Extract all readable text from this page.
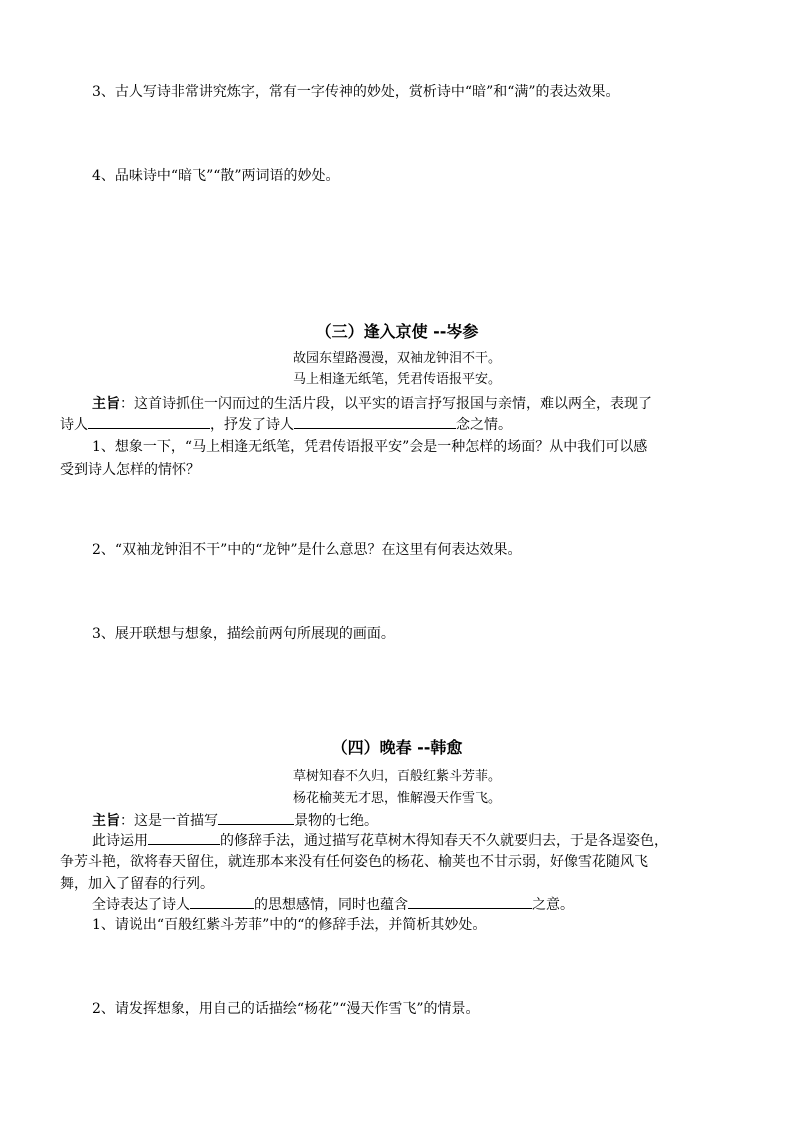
3、古人写诗非常讲究炼字，常有一字传神的妙处，赏析诗中“暗”和“满”的表达效果。
4、品味诗中“暗飞”“散”两词语的妙处。
（三）逢入京使 --岑参
故园东望路漫漫，双袖龙钟泪不干。
马上相逢无纸笔，凭君传语报平安。
主旨：这首诗抓住一闪而过的生活片段，以平实的语言抒写报国与亲情，难以两全，表现了
诗人	，抒发了诗人	念之情。
1、想象一下，“马上相逢无纸笔，凭君传语报平安”会是一种怎样的场面？从中我们可以感
受到诗人怎样的情怀？
2、“双袖龙钟泪不干”中的“龙钟”是什么意思？在这里有何表达效果。
3、展开联想与想象，描绘前两句所展现的画面。
（四）晚春 --韩愈
草树知春不久归，百般红紫斗芳菲。
杨花榆荚无才思，惟解漫天作雪飞。
主旨：这是一首描写	景物的七绝。
此诗运用	的修辞手法，通过描写花草树木得知春天不久就要归去，于是各逞姿色，
争芳斗艳，欲将春天留住，就连那本来没有任何姿色的杨花、榆荚也不甘示弱，好像雪花随风飞
舞，加入了留春的行列。
全诗表达了诗人	的思想感情，同时也蕴含	之意。
1、请说出“百般红紫斗芳菲”中的“的修辞手法，并简析其妙处。
2、请发挥想象，用自己的话描绘“杨花”“漫天作雪飞”的情景。
